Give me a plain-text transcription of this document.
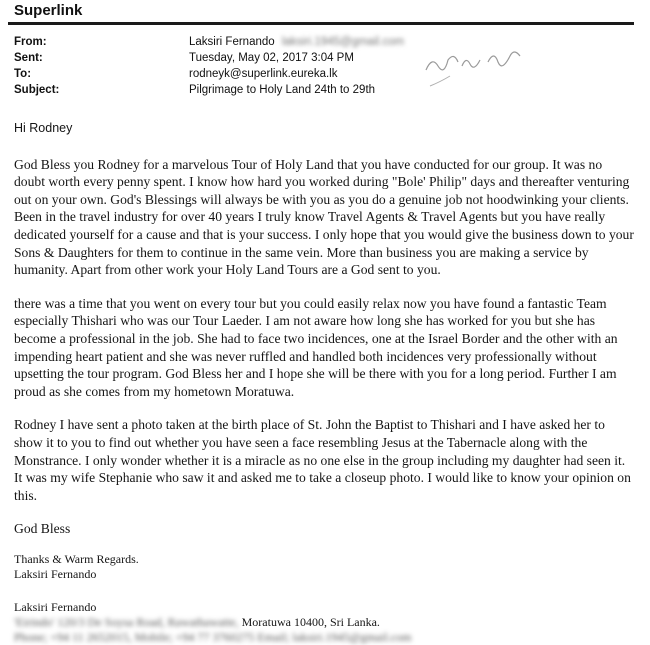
Superlink
From:	Laksiri Fernando laksiri.1945@gmail.com
Sent:	Tuesday, May 02, 2017 3:04 PM
To:	rodneyk@superlink.eureka.lk
Subject:	Pilgrimage to Holy Land 24th to 29th

Hi Rodney

God Bless you Rodney for a marvelous Tour of Holy Land that you have conducted for our group. It was no doubt worth every penny spent. I know how hard you worked during "Bole' Philip" days and thereafter venturing out on your own. God's Blessings will always be with you as you do a genuine job not hoodwinking your clients. Been in the travel industry for over 40 years I truly know Travel Agents & Travel Agents but you have really dedicated yourself for a cause and that is your success. I only hope that you would give the business down to your Sons & Daughters for them to continue in the same vein. More than business you are making a service by humanity. Apart from other work your Holy Land Tours are a God sent to you.

there was a time that you went on every tour but you could easily relax now you have found a fantastic Team especially Thishari who was our Tour Laeder. I am not aware how long she has worked for you but she has become a professional in the job. She had to face two incidences, one at the Israel Border and the other with an impending heart patient and she was never ruffled and handled both incidences very professionally without upsetting the tour program. God Bless her and I hope she will be there with you for a long period. Further I am proud as she comes from my hometown Moratuwa.

Rodney I have sent a photo taken at the birth place of St. John the Baptist to Thishari and I have asked her to show it to you to find out whether you have seen a face resembling Jesus at the Tabernacle along with the Monstrance. I only wonder whether it is a miracle as no one else in the group including my daughter had seen it. It was my wife Stephanie who saw it and asked me to take a closeup photo. I would like to know your opinion on this.

God Bless

Thanks & Warm Regards.
Laksiri Fernando
Laksiri Fernando
'Eirindo' 120/3 De Soysa Road, Rawathawatte, Moratuwa 10400, Sri Lanka.
Phone; +94 11 2652015, Mobile; +94 77 3760275 Email; laksiri.1945@gmail.com
